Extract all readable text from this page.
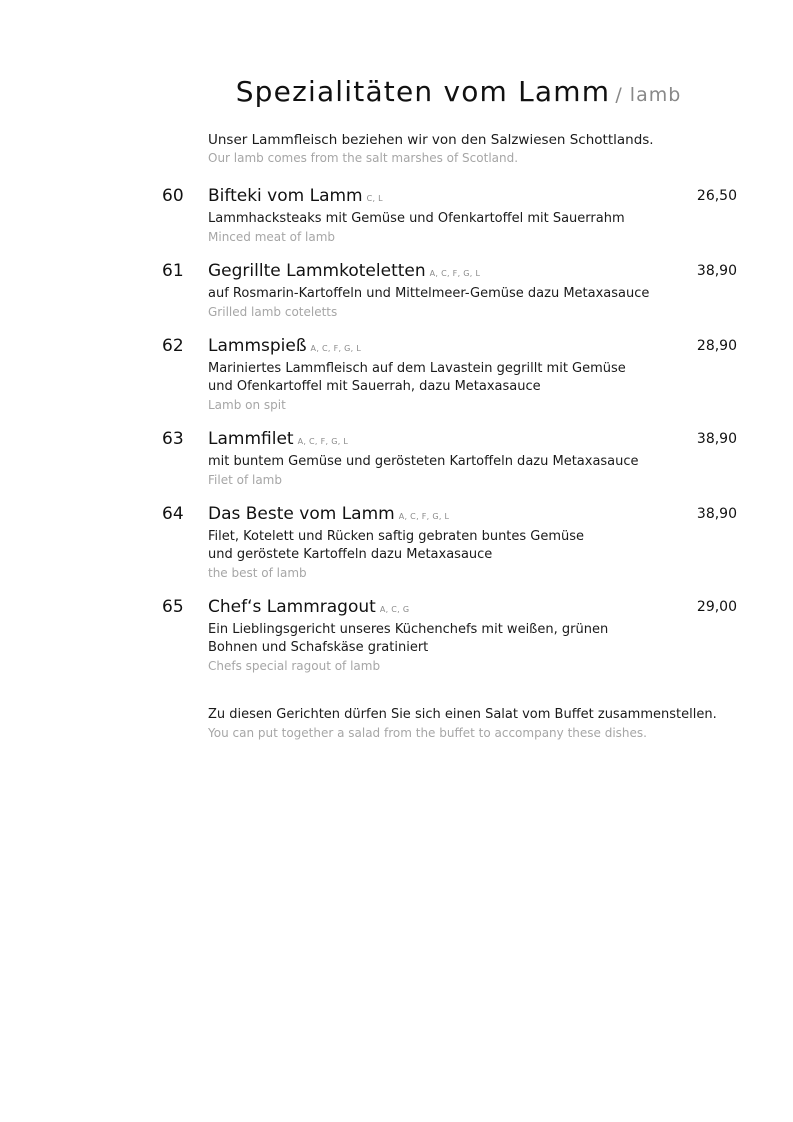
Spezialitäten vom Lamm / lamb
Unser Lammfleisch beziehen wir von den Salzwiesen Schottlands.
Our lamb comes from the salt marshes of Scotland.
60 Bifteki vom Lamm C, L
Lammhacksteaks mit Gemüse und Ofenkartoffel mit Sauerrahm
Minced meat of lamb
26,50
61 Gegrillte Lammkoteletten A, C, F, G, L
auf Rosmarin-Kartoffeln und Mittelmeer-Gemüse dazu Metaxasauce
Grilled lamb coteletts
38,90
62 Lammspieß A, C, F, G, L
Mariniertes Lammfleisch auf dem Lavastein gegrillt mit Gemüse
und Ofenkartoffel mit Sauerrah, dazu Metaxasauce
Lamb on spit
28,90
63 Lammfilet A, C, F, G, L
mit buntem Gemüse und gerösteten Kartoffeln dazu Metaxasauce
Filet of lamb
38,90
64 Das Beste vom Lamm A, C, F, G, L
Filet, Kotelett und Rücken saftig gebraten buntes Gemüse
und geröstete Kartoffeln dazu Metaxasauce
the best of lamb
38,90
65 Chef‘s Lammragout A, C, G
Ein Lieblingsgericht unseres Küchenchefs mit weißen, grünen
Bohnen und Schafskäse gratiniert
Chefs special ragout of lamb
29,00
Zu diesen Gerichten dürfen Sie sich einen Salat vom Buffet zusammenstellen.
You can put together a salad from the buffet to accompany these dishes.
